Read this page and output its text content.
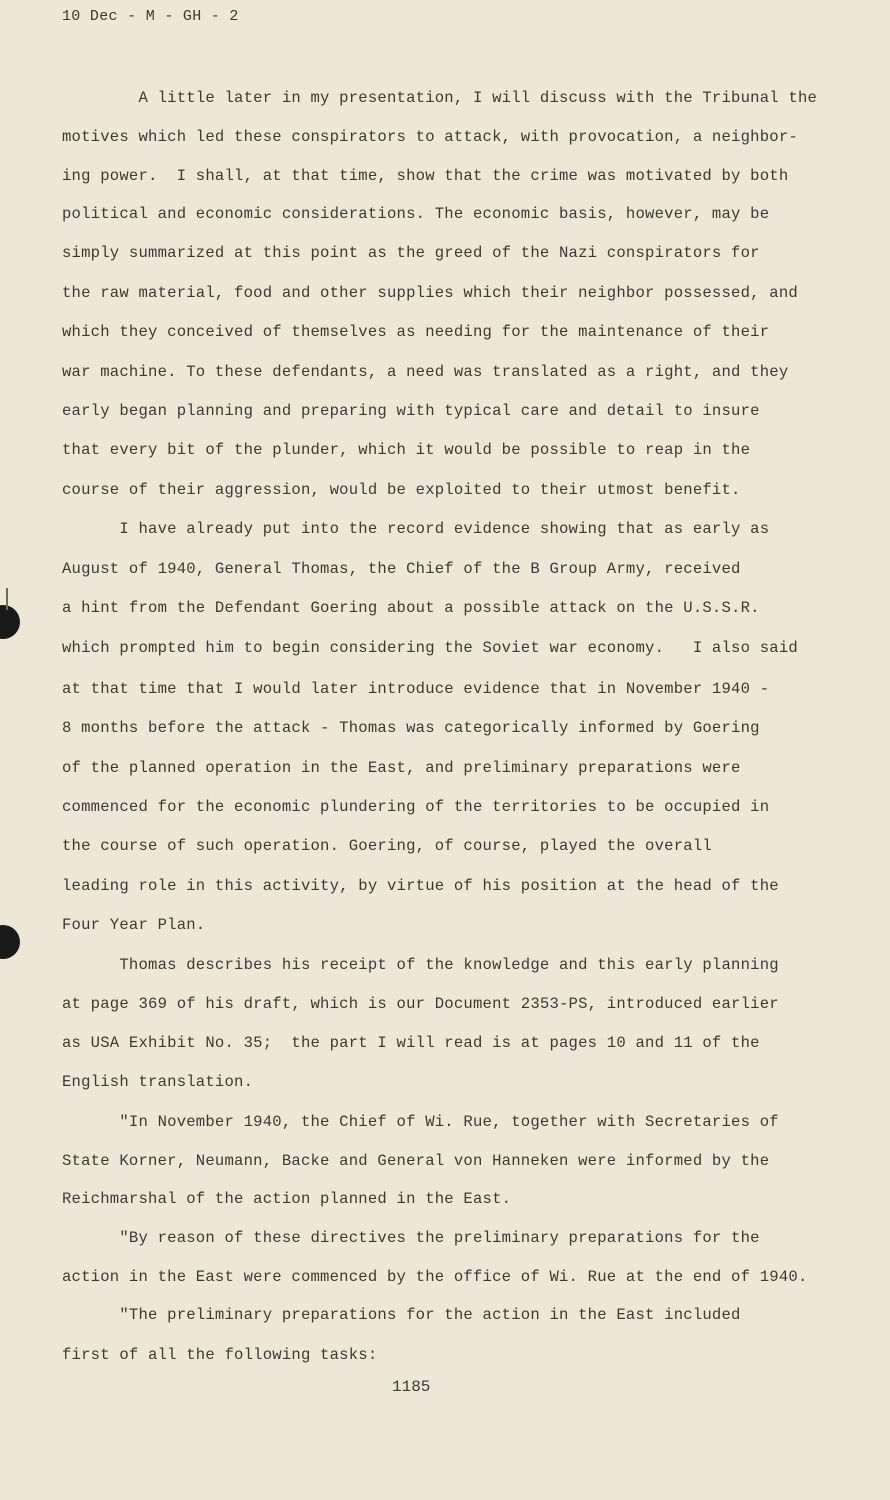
10 Dec - M - GH - 2
A little later in my presentation, I will discuss with the Tribunal the
motives which led these conspirators to attack, with provocation, a neighbor-
ing power.  I shall, at that time, show that the crime was motivated by both
political and economic considerations. The economic basis, however, may be
simply summarized at this point as the greed of the Nazi conspirators for
the raw material, food and other supplies which their neighbor possessed, and
which they conceived of themselves as needing for the maintenance of their
war machine. To these defendants, a need was translated as a right, and they
early began planning and preparing with typical care and detail to insure
that every bit of the plunder, which it would be possible to reap in the
course of their aggression, would be exploited to their utmost benefit.
I have already put into the record evidence showing that as early as
August of 1940, General Thomas, the Chief of the B Group Army, received
a hint from the Defendant Goering about a possible attack on the U.S.S.R.
which prompted him to begin considering the Soviet war economy.   I also said
at that time that I would later introduce evidence that in November 1940 -
8 months before the attack - Thomas was categorically informed by Goering
of the planned operation in the East, and preliminary preparations were
commenced for the economic plundering of the territories to be occupied in
the course of such operation. Goering, of course, played the overall
leading role in this activity, by virtue of his position at the head of the
Four Year Plan.
Thomas describes his receipt of the knowledge and this early planning
at page 369 of his draft, which is our Document 2353-PS, introduced earlier
as USA Exhibit No. 35;  the part I will read is at pages 10 and 11 of the
English translation.
"In November 1940, the Chief of Wi. Rue, together with Secretaries of
State Korner, Neumann, Backe and General von Hanneken were informed by the
Reichmarshal of the action planned in the East.
"By reason of these directives the preliminary preparations for the
action in the East were commenced by the office of Wi. Rue at the end of 1940.
"The preliminary preparations for the action in the East included
first of all the following tasks:
1185
